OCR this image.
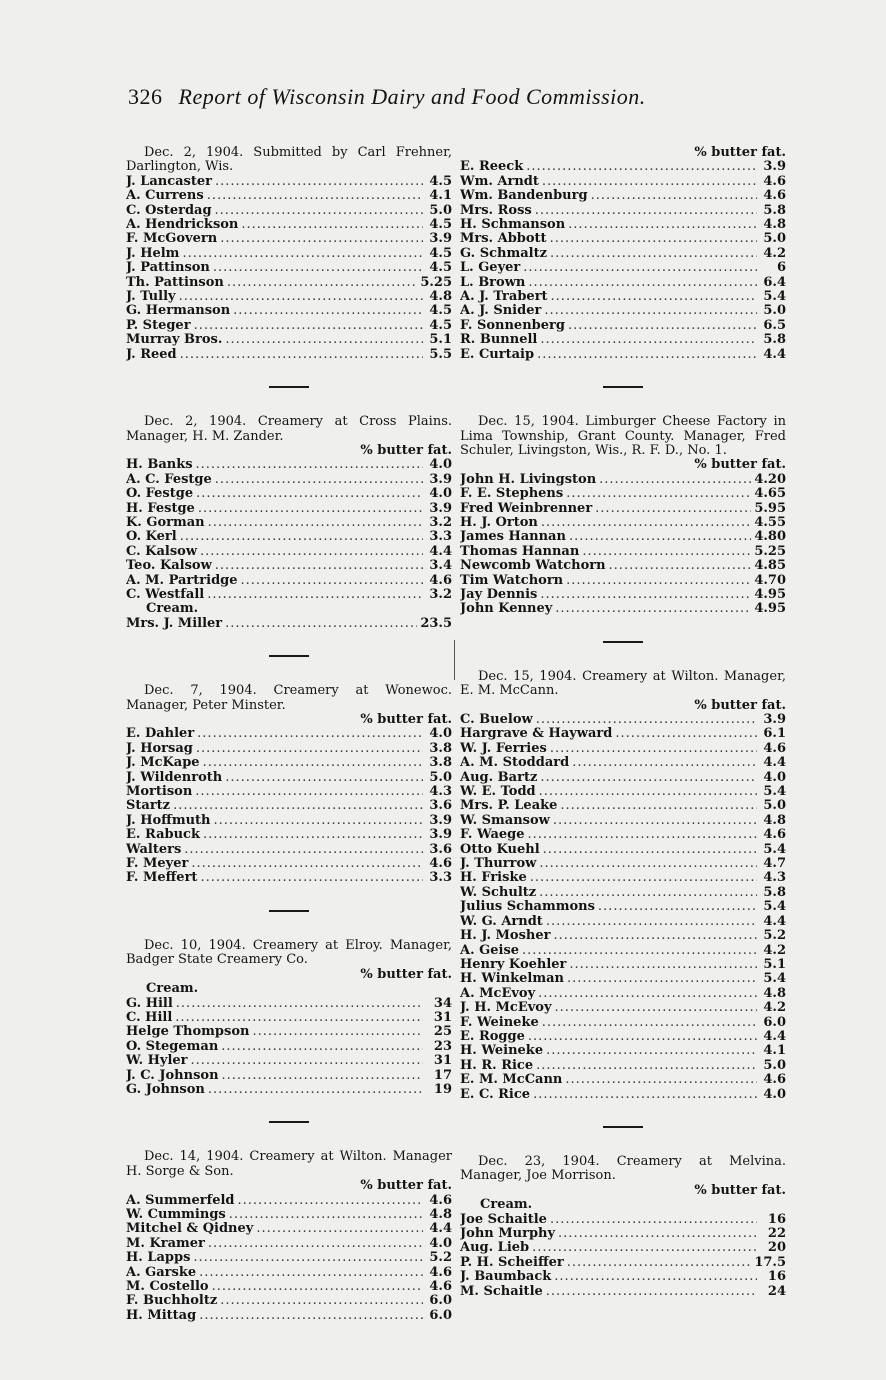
326 Report of Wisconsin Dairy and Food Commission.
Dec. 2, 1904. Submitted by Carl Frehner, Darlington, Wis.
J. Lancaster .....	4.5
A. Currens .....	4.1
C. Osterdag .....	5.0
A. Hendrickson .....	4.5
F. McGovern .....	3.9
J. Helm .....	4.5
J. Pattinson .....	4.5
Th. Pattinson .....	5.25
J. Tully .....	4.8
G. Hermanson .....	4.5
P. Steger .....	4.5
Murray Bros. .....	5.1
J. Reed .....	5.5
Dec. 2, 1904. Creamery at Cross Plains. Manager, H. M. Zander.
% butter fat.
H. Banks .....	4.0
A. C. Festge .....	3.9
O. Festge .....	4.0
H. Festge .....	3.9
K. Gorman .....	3.2
O. Kerl .....	3.3
C. Kalsow .....	4.4
Teo. Kalsow .....	3.4
A. M. Partridge .....	4.6
C. Westfall .....	3.2
Cream.
Mrs. J. Miller .....	23.5
Dec. 7, 1904. Creamery at Wonewoc. Manager, Peter Minster.
% butter fat.
E. Dahler .....	4.0
J. Horsag .....	3.8
J. McKape .....	3.8
J. Wildenroth .....	5.0
Mortison .....	4.3
Startz .....	3.6
J. Hoffmuth .....	3.9
E. Rabuck .....	3.9
Walters .....	3.6
F. Meyer .....	4.6
F. Meffert .....	3.3
Dec. 10, 1904. Creamery at Elroy. Manager, Badger State Creamery Co.
% butter fat.
Cream.
G. Hill .....	34
C. Hill .....	31
Helge Thompson .....	25
O. Stegeman .....	23
W. Hyler .....	31
J. C. Johnson .....	17
G. Johnson .....	19
Dec. 14, 1904. Creamery at Wilton. Manager H. Sorge & Son.
% butter fat.
A. Summerfeld .....	4.6
W. Cummings .....	4.8
Mitchel & Qidney .....	4.4
M. Kramer .....	4.0
H. Lapps .....	5.2
A. Garske .....	4.6
M. Costello .....	4.6
F. Buchholtz .....	6.0
H. Mittag .....	6.0
% butter fat.
E. Reeck .....	3.9
Wm. Arndt .....	4.6
Wm. Bandenburg .....	4.6
Mrs. Ross .....	5.8
H. Schmanson .....	4.8
Mrs. Abbott .....	5.0
G. Schmaltz .....	4.2
L. Geyer .....	6
L. Brown .....	6.4
A. J. Trabert .....	5.4
A. J. Snider .....	5.0
F. Sonnenberg .....	6.5
R. Bunnell .....	5.8
E. Curtaip .....	4.4
Dec. 15, 1904. Limburger Cheese Factory in Lima Township, Grant County. Manager, Fred Schuler, Livingston, Wis., R. F. D., No. 1.
% butter fat.
John H. Livingston .....	4.20
F. E. Stephens .....	4.65
Fred Weinbrenner .....	5.95
H. J. Orton .....	4.55
James Hannan .....	4.80
Thomas Hannan .....	5.25
Newcomb Watchorn .....	4.85
Tim Watchorn .....	4.70
Jay Dennis .....	4.95
John Kenney .....	4.95
Dec. 15, 1904. Creamery at Wilton. Manager, E. M. McCann.
% butter fat.
C. Buelow .....	3.9
Hargrave & Hayward .....	6.1
W. J. Ferries .....	4.6
A. M. Stoddard .....	4.4
Aug. Bartz .....	4.0
W. E. Todd .....	5.4
Mrs. P. Leake .....	5.0
W. Smansow .....	4.8
F. Waege .....	4.6
Otto Kuehl .....	5.4
J. Thurrow .....	4.7
H. Friske .....	4.3
W. Schultz .....	5.8
Julius Schammons .....	5.4
W. G. Arndt .....	4.4
H. J. Mosher .....	5.2
A. Geise .....	4.2
Henry Koehler .....	5.1
H. Winkelman .....	5.4
A. McEvoy .....	4.8
J. H. McEvoy .....	4.2
F. Weineke .....	6.0
E. Rogge .....	4.4
H. Weineke .....	4.1
H. R. Rice .....	5.0
E. M. McCann .....	4.6
E. C. Rice .....	4.0
Dec. 23, 1904. Creamery at Melvina. Manager, Joe Morrison.
% butter fat.
Cream.
Joe Schaitle .....	16
John Murphy .....	22
Aug. Lieb .....	20
P. H. Scheiffer .....	17.5
J. Baumback .....	16
M. Schaitle .....	24
